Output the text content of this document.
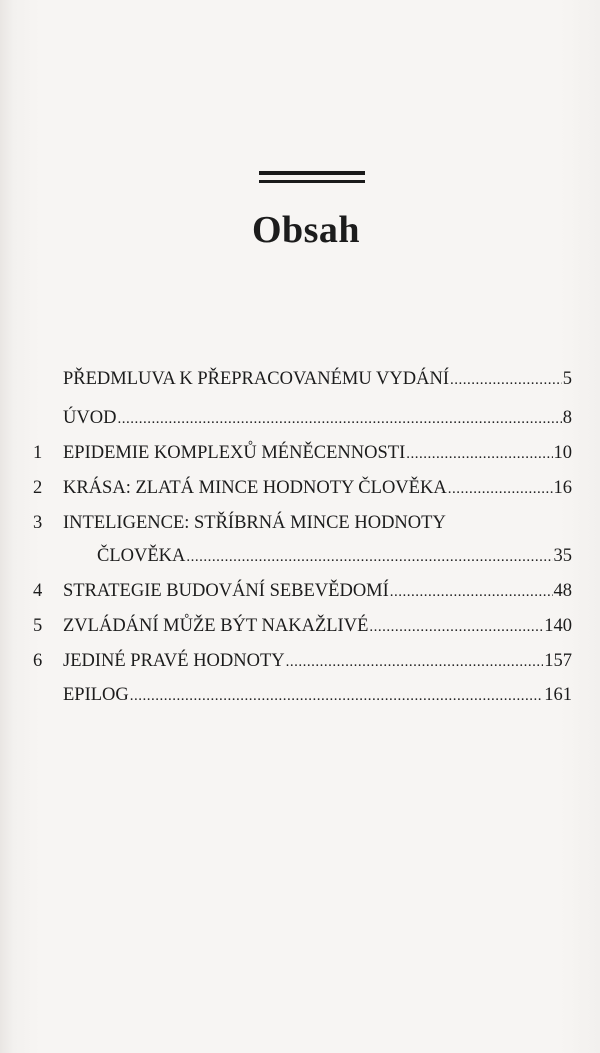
Obsah
PŘEDMLUVA K PŘEPRACOVANÉMU VYDÁNÍ .....	5
ÚVOD .....	8
1 EPIDEMIE KOMPLEXŮ MÉNĚCENNOSTI .....	10
2 KRÁSA: ZLATÁ MINCE HODNOTY ČLOVĚKA .....	16
3 INTELIGENCE: STŘÍBRNÁ MINCE HODNOTY
ČLOVĚKA .....	35
4 STRATEGIE BUDOVÁNÍ SEBEVĚDOMÍ .....	48
5 ZVLÁDÁNÍ MŮŽE BÝT NAKAŽLIVÉ .....	140
6 JEDINÉ PRAVÉ HODNOTY .....	157
EPILOG .....	161
